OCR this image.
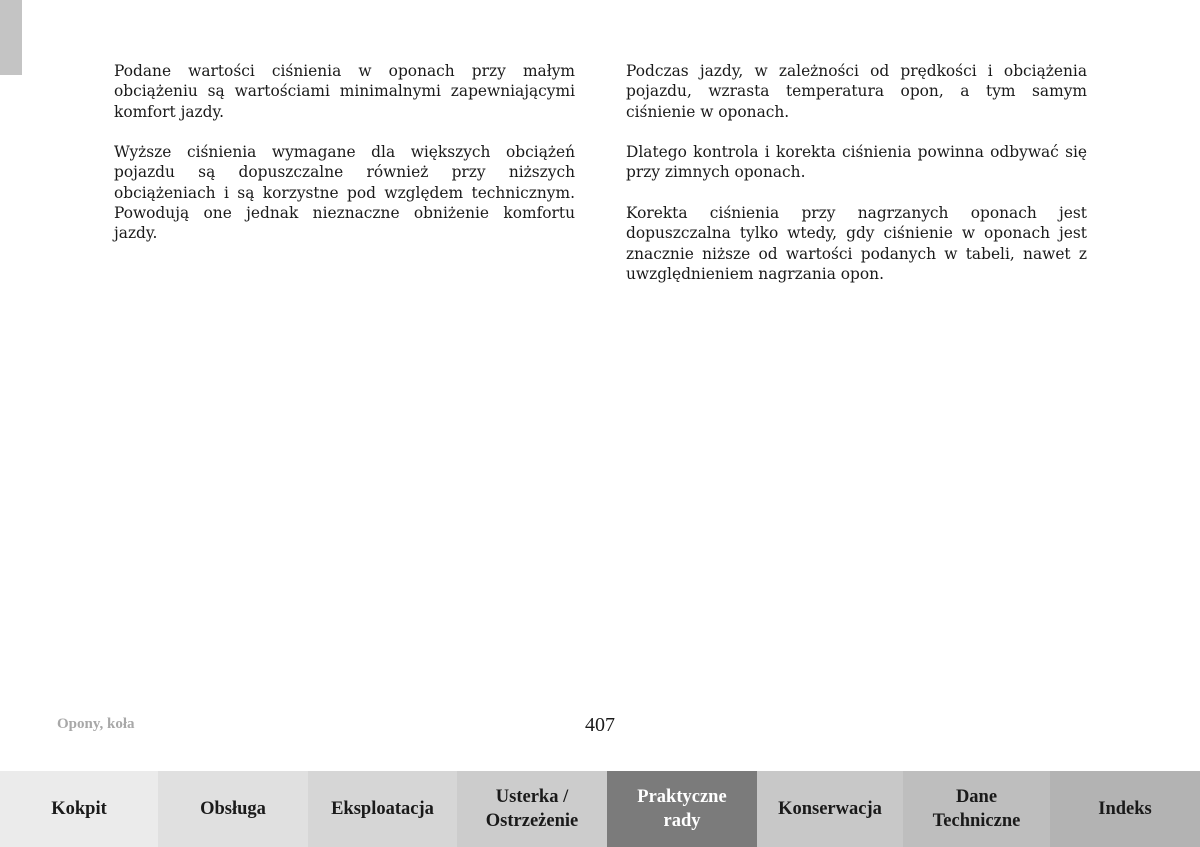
Podane wartości ciśnienia w oponach przy małym obciążeniu są wartościami minimalnymi zapewniającymi komfort jazdy.

Wyższe ciśnienia wymagane dla większych obciążeń pojazdu są dopuszczalne również przy niższych obciążeniach i są korzystne pod względem technicznym. Powodują one jednak nieznaczne obniżenie komfortu jazdy.

Podczas jazdy, w zależności od prędkości i obciążenia pojazdu, wzrasta temperatura opon, a tym samym ciśnienie w oponach.

Dlatego kontrola i korekta ciśnienia powinna odbywać się przy zimnych oponach.

Korekta ciśnienia przy nagrzanych oponach jest dopuszczalna tylko wtedy, gdy ciśnienie w oponach jest znacznie niższe od wartości podanych w tabeli, nawet z uwzględnieniem nagrzania opon.

Opony, koła	407
Kokpit	Obsługa	Eksploatacja
Usterka /
Ostrzeżenie
Praktyczne
rady
Konserwacja
Dane
Techniczne
Indeks
